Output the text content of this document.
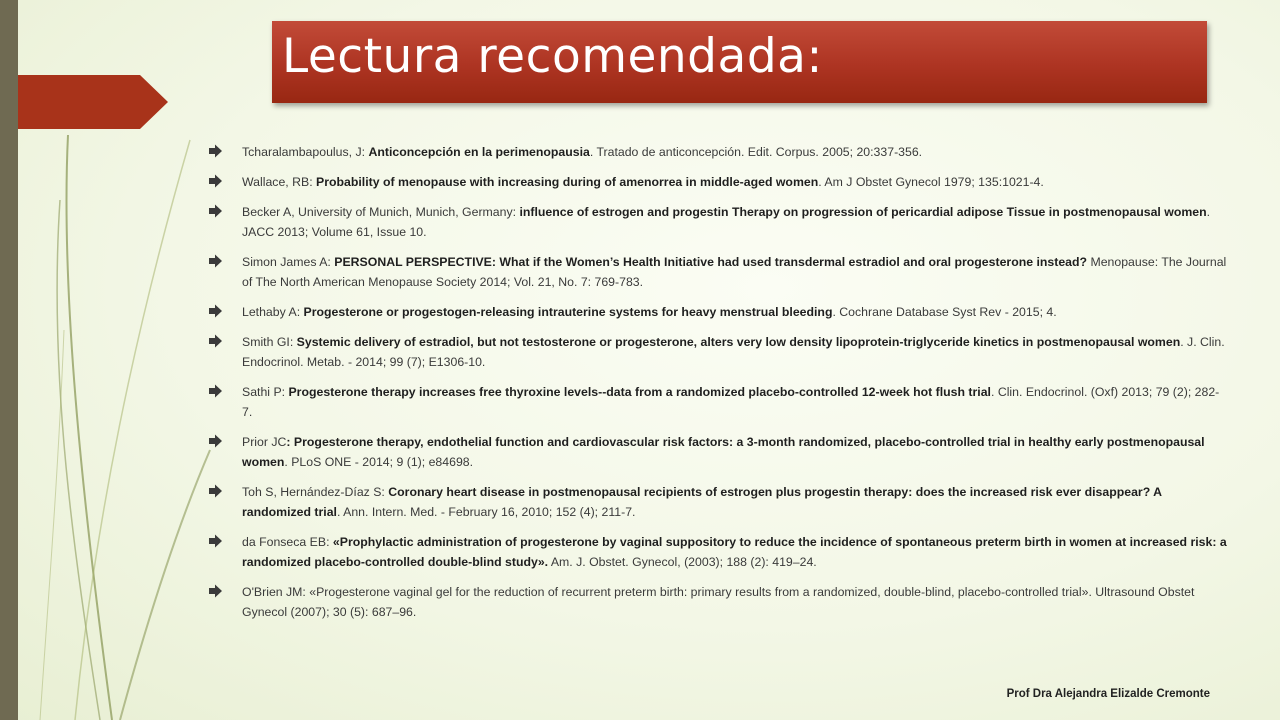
Lectura recomendada:
Tcharalambapoulus, J: Anticoncepción en la perimenopausia. Tratado de anticoncepción. Edit. Corpus. 2005; 20:337-356.
Wallace, RB: Probability of menopause with increasing during of amenorrea in middle-aged women. Am J Obstet Gynecol 1979; 135:1021-4.
Becker A, University of Munich, Munich, Germany: influence of estrogen and progestin Therapy on progression of pericardial adipose Tissue in postmenopausal women. JACC 2013; Volume 61, Issue 10.
Simon James A: PERSONAL PERSPECTIVE: What if the Women’s Health Initiative had used transdermal estradiol and oral progesterone instead? Menopause: The Journal of The North American Menopause Society 2014; Vol. 21, No. 7: 769-783.
Lethaby A: Progesterone or progestogen-releasing intrauterine systems for heavy menstrual bleeding. Cochrane Database Syst Rev - 2015; 4.
Smith GI: Systemic delivery of estradiol, but not testosterone or progesterone, alters very low density lipoprotein-triglyceride kinetics in postmenopausal women. J. Clin. Endocrinol. Metab. - 2014; 99 (7); E1306-10.
Sathi P: Progesterone therapy increases free thyroxine levels--data from a randomized placebo-controlled 12-week hot flush trial. Clin. Endocrinol. (Oxf) 2013; 79 (2); 282-7.
Prior JC: Progesterone therapy, endothelial function and cardiovascular risk factors: a 3-month randomized, placebo-controlled trial in healthy early postmenopausal women. PLoS ONE - 2014; 9 (1); e84698.
Toh S, Hernández-Díaz S: Coronary heart disease in postmenopausal recipients of estrogen plus progestin therapy: does the increased risk ever disappear? A randomized trial. Ann. Intern. Med. - February 16, 2010; 152 (4); 211-7.
da Fonseca EB: «Prophylactic administration of progesterone by vaginal suppository to reduce the incidence of spontaneous preterm birth in women at increased risk: a randomized placebo-controlled double-blind study». Am. J. Obstet. Gynecol, (2003); 188 (2): 419–24.
O'Brien JM: «Progesterone vaginal gel for the reduction of recurrent preterm birth: primary results from a randomized, double-blind, placebo-controlled trial». Ultrasound Obstet Gynecol (2007); 30 (5): 687–96.
Prof Dra Alejandra Elizalde Cremonte
